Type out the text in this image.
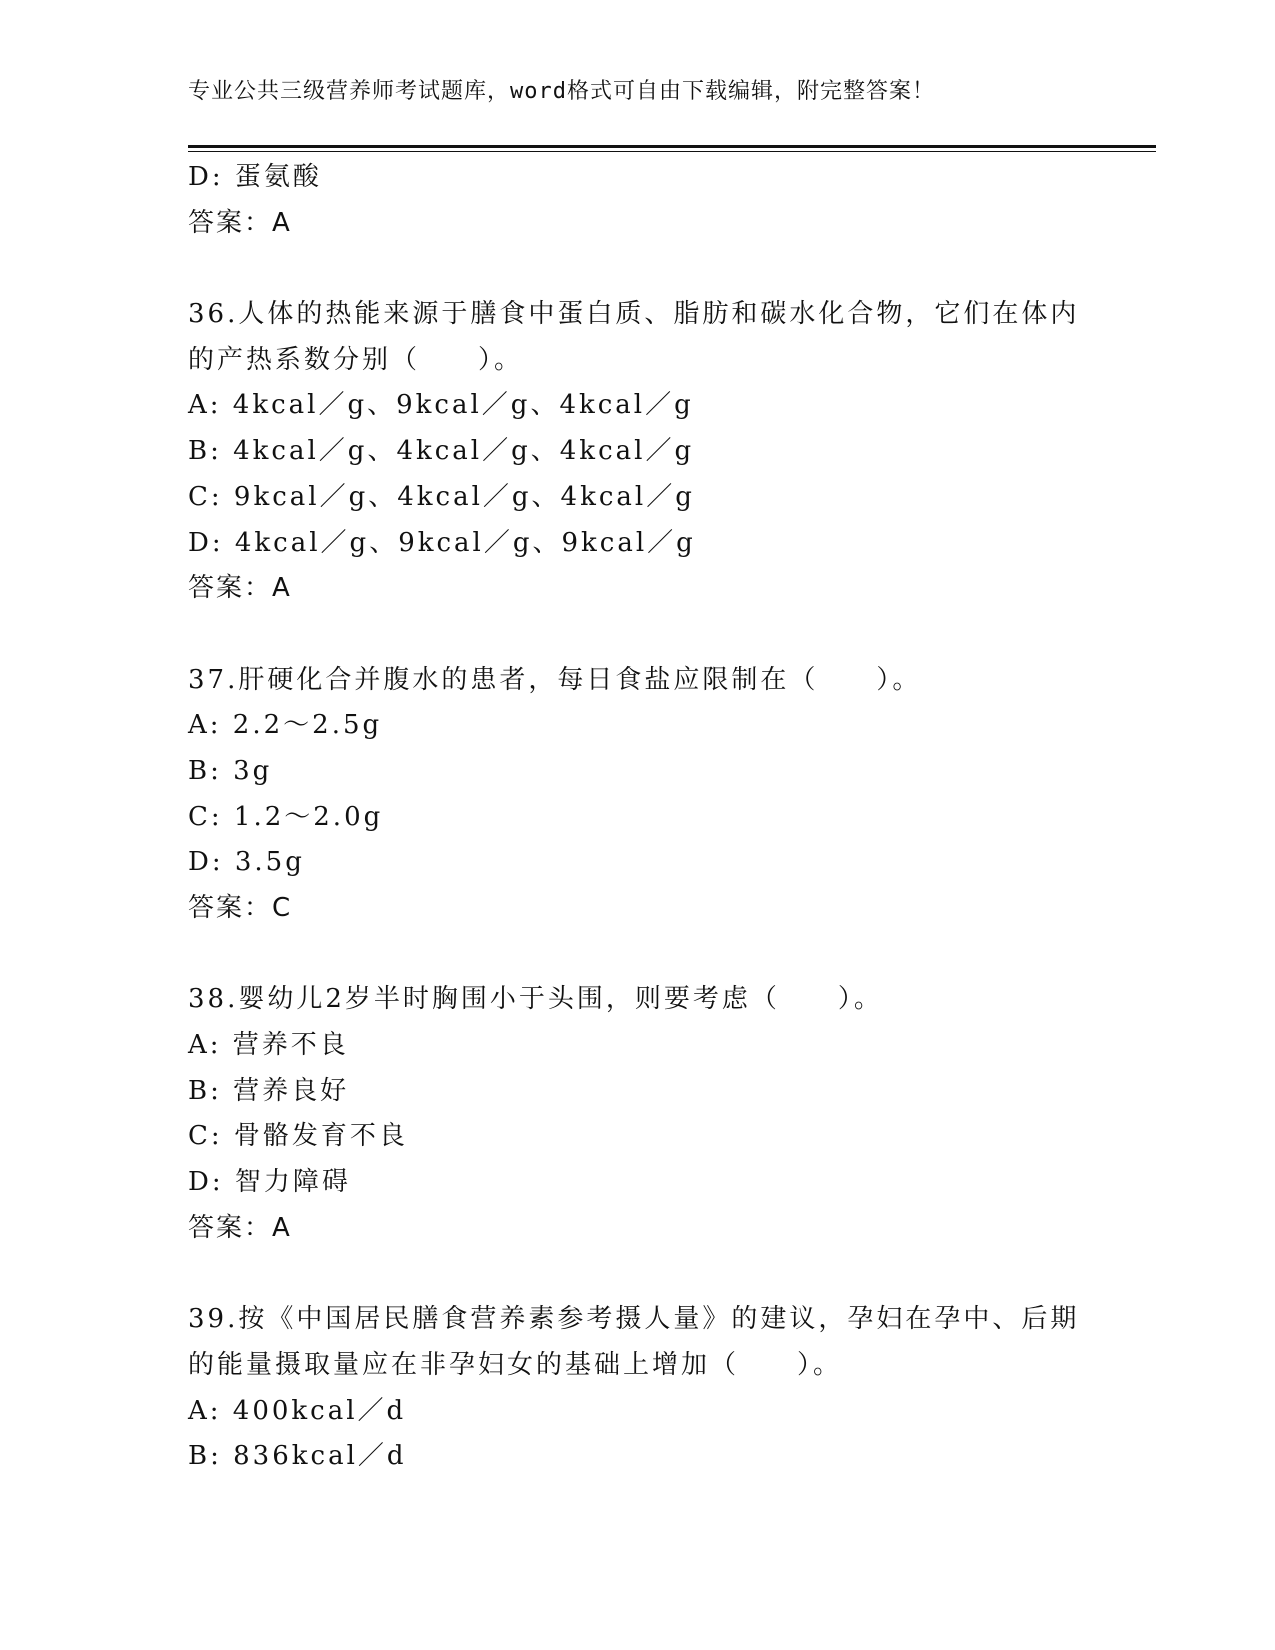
专业公共三级营养师考试题库，word格式可自由下载编辑，附完整答案！
D: 蛋氨酸
答案：A
36.人体的热能来源于膳食中蛋白质、脂肪和碳水化合物，它们在体内
的产热系数分别（　　）。
A: 4kcal／g、9kcal／g、4kcal／g
B: 4kcal／g、4kcal／g、4kcal／g
C: 9kcal／g、4kcal／g、4kcal／g
D: 4kcal／g、9kcal／g、9kcal／g
答案：A
37.肝硬化合并腹水的患者，每日食盐应限制在（　　）。
A: 2.2～2.5g
B: 3g
C: 1.2～2.0g
D: 3.5g
答案：C
38.婴幼儿2岁半时胸围小于头围，则要考虑（　　）。
A: 营养不良
B: 营养良好
C: 骨骼发育不良
D: 智力障碍
答案：A
39.按《中国居民膳食营养素参考摄人量》的建议，孕妇在孕中、后期
的能量摄取量应在非孕妇女的基础上增加（　　）。
A: 400kcal／d
B: 836kcal／d
